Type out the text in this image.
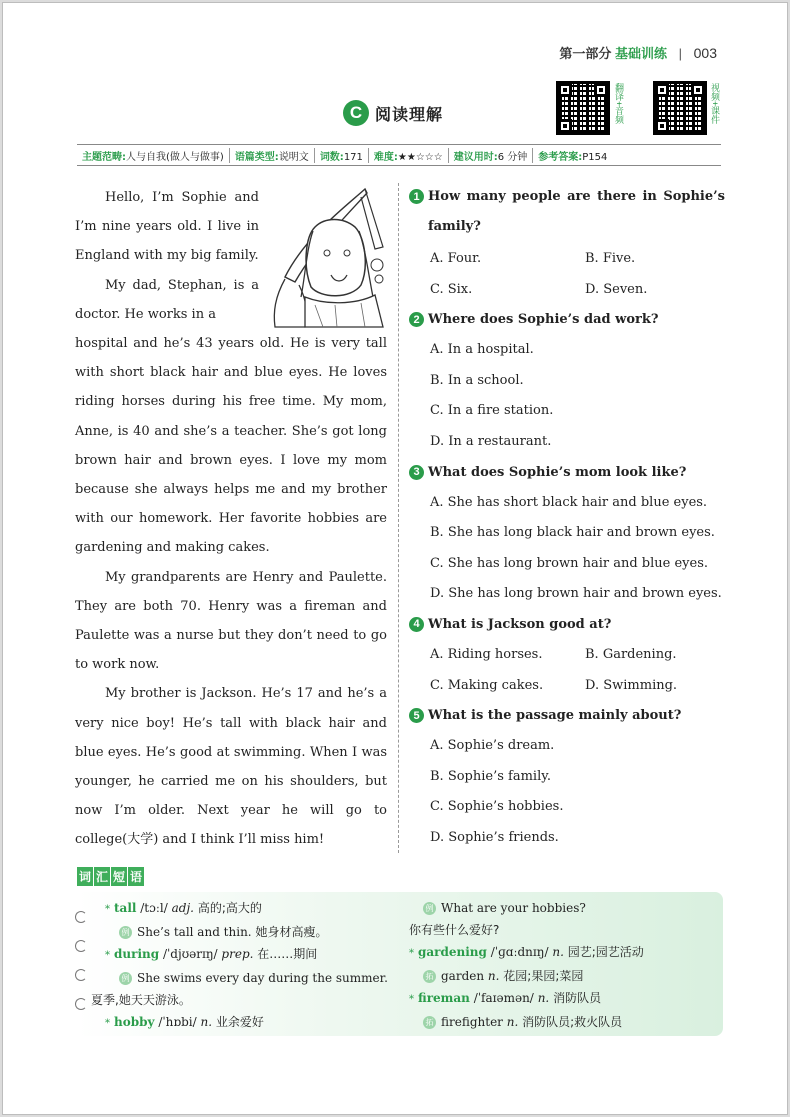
第一部分 基础训练 | 003
翻译+音频	视频+课件
C 阅读理解
主题范畴:人与自我(做人与做事)	语篇类型:说明文	词数:171	难度:★★☆☆☆	建议用时:6 分钟	参考答案:P154

Hello, I’m Sophie and I’m nine years old. I live in England with my big family.

My dad, Stephan, is a doctor. He works in a

hospital and he’s 43 years old. He is very tall with short black hair and blue eyes. He loves riding horses during his free time. My mom, Anne, is 40 and she’s a teacher. She’s got long brown hair and brown eyes. I love my mom because she always helps me and my brother with our homework. Her favorite hobbies are gardening and making cakes.

My grandparents are Henry and Paulette. They are both 70. Henry was a fireman and Paulette was a nurse but they don’t need to go to work now.

My brother is Jackson. He’s 17 and he’s a very nice boy! He’s tall with black hair and blue eyes. He’s good at swimming. When I was younger, he carried me on his shoulders, but now I’m older. Next year he will go to college(大学) and I think I’ll miss him!

1 How many people are there in Sophie’s family?
A. Four.	B. Five.
C. Six.	D. Seven.
2 Where does Sophie’s dad work?
A. In a hospital.
B. In a school.
C. In a fire station.
D. In a restaurant.
3 What does Sophie’s mom look like?
A. She has short black hair and blue eyes.
B. She has long black hair and brown eyes.
C. She has long brown hair and blue eyes.
D. She has long brown hair and brown eyes.
4 What is Jackson good at?
A. Riding horses.	B. Gardening.
C. Making cakes.	D. Swimming.
5 What is the passage mainly about?
A. Sophie’s dream.
B. Sophie’s family.
C. Sophie’s hobbies.
D. Sophie’s friends.
词 汇 短 语
* tall /tɔːl/ adj. 高的;高大的
例 She’s tall and thin. 她身材高瘦。
* during /ˈdjʊərɪŋ/ prep. 在……期间
例 She swims every day during the summer.
夏季,她天天游泳。
* hobby /ˈhɒbi/ n. 业余爱好
例 What are your hobbies?
你有些什么爱好?
* gardening /ˈɡɑːdnɪŋ/ n. 园艺;园艺活动
拓 garden n. 花园;果园;菜园
* fireman /ˈfaɪəmən/ n. 消防队员
拓 firefighter n. 消防队员;救火队员
